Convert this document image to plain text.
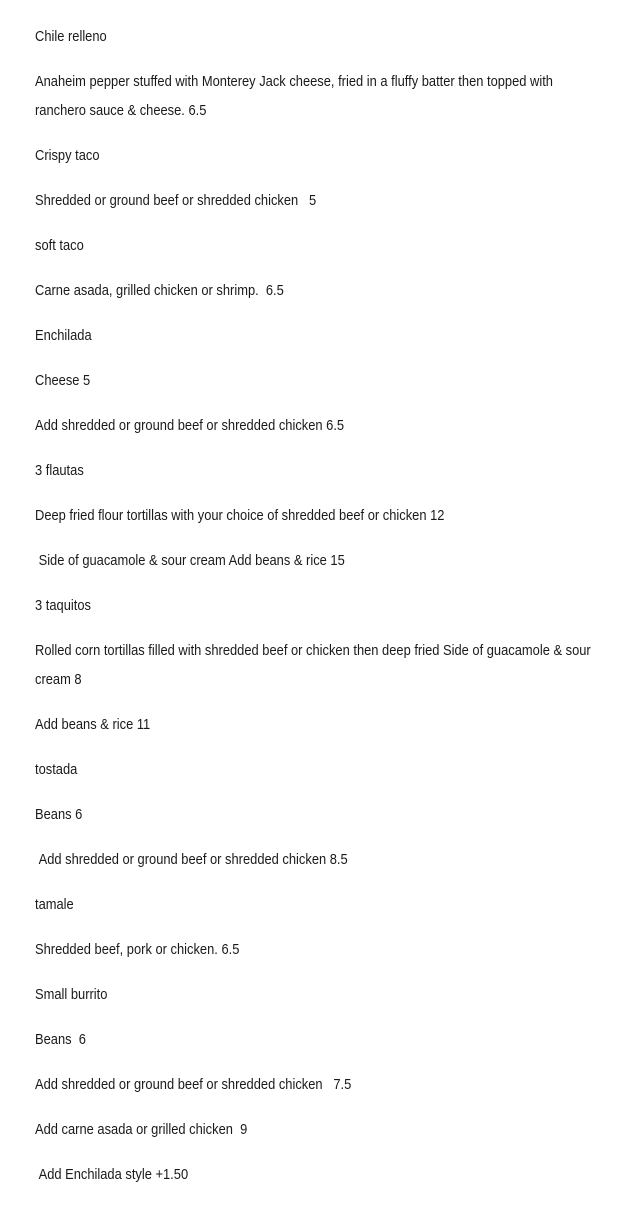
Chile relleno
Anaheim pepper stuffed with Monterey Jack cheese, fried in a fluffy batter then topped with ranchero sauce & cheese. 6.5
Crispy taco
Shredded or ground beef or shredded chicken   5
soft taco
Carne asada, grilled chicken or shrimp.  6.5
Enchilada
Cheese 5
Add shredded or ground beef or shredded chicken 6.5
3 flautas
Deep fried flour tortillas with your choice of shredded beef or chicken 12
Side of guacamole & sour cream Add beans & rice 15
3 taquitos
Rolled corn tortillas filled with shredded beef or chicken then deep fried Side of guacamole & sour cream 8
Add beans & rice 11
tostada
Beans 6
Add shredded or ground beef or shredded chicken 8.5
tamale
Shredded beef, pork or chicken. 6.5
Small burrito
Beans  6
Add shredded or ground beef or shredded chicken   7.5
Add carne asada or grilled chicken  9
Add Enchilada style +1.50
